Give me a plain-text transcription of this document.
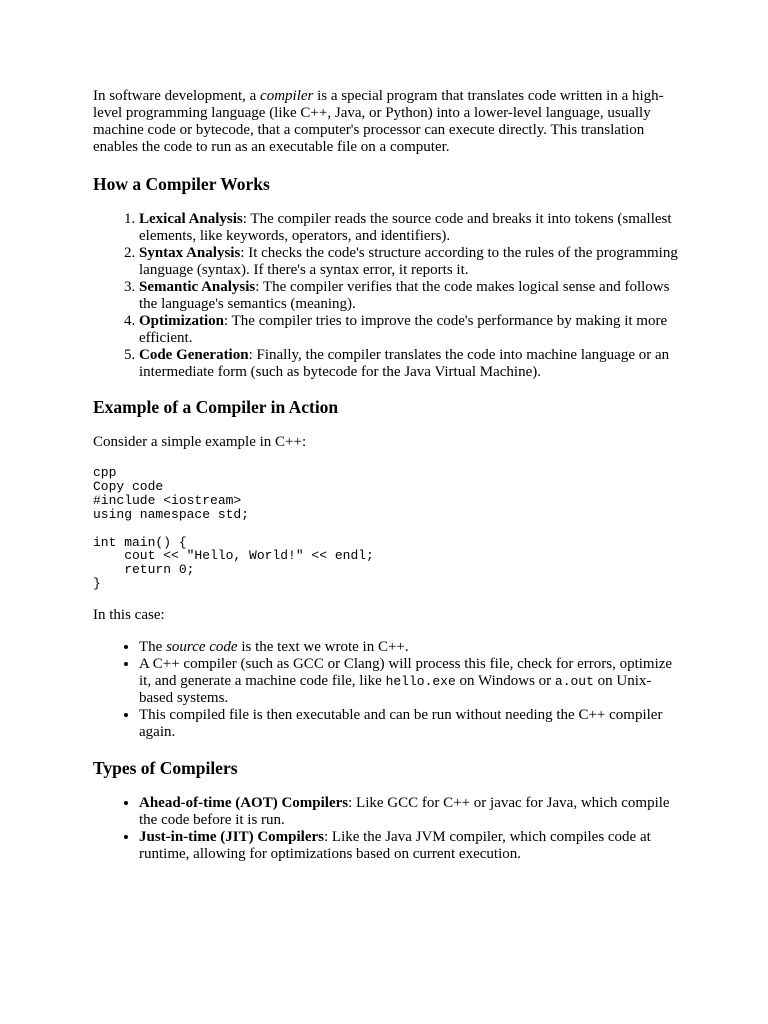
In software development, a compiler is a special program that translates code written in a high-level programming language (like C++, Java, or Python) into a lower-level language, usually machine code or bytecode, that a computer's processor can execute directly. This translation enables the code to run as an executable file on a computer.

How a Compiler Works
1. Lexical Analysis: The compiler reads the source code and breaks it into tokens (smallest elements, like keywords, operators, and identifiers).
2. Syntax Analysis: It checks the code's structure according to the rules of the programming language (syntax). If there's a syntax error, it reports it.
3. Semantic Analysis: The compiler verifies that the code makes logical sense and follows the language's semantics (meaning).
4. Optimization: The compiler tries to improve the code's performance by making it more efficient.
5. Code Generation: Finally, the compiler translates the code into machine language or an intermediate form (such as bytecode for the Java Virtual Machine).
Example of a Compiler in Action

Consider a simple example in C++:

cpp
Copy code
#include <iostream>
using namespace std;

int main() {
cout << "Hello, World!" << endl;
return 0;
}

In this case:

• The source code is the text we wrote in C++.
• A C++ compiler (such as GCC or Clang) will process this file, check for errors, optimize it, and generate a machine code file, like hello.exe on Windows or a.out on Unix-based systems.
• This compiled file is then executable and can be run without needing the C++ compiler again.
Types of Compilers
• Ahead-of-time (AOT) Compilers: Like GCC for C++ or javac for Java, which compile the code before it is run.
• Just-in-time (JIT) Compilers: Like the Java JVM compiler, which compiles code at runtime, allowing for optimizations based on current execution.
